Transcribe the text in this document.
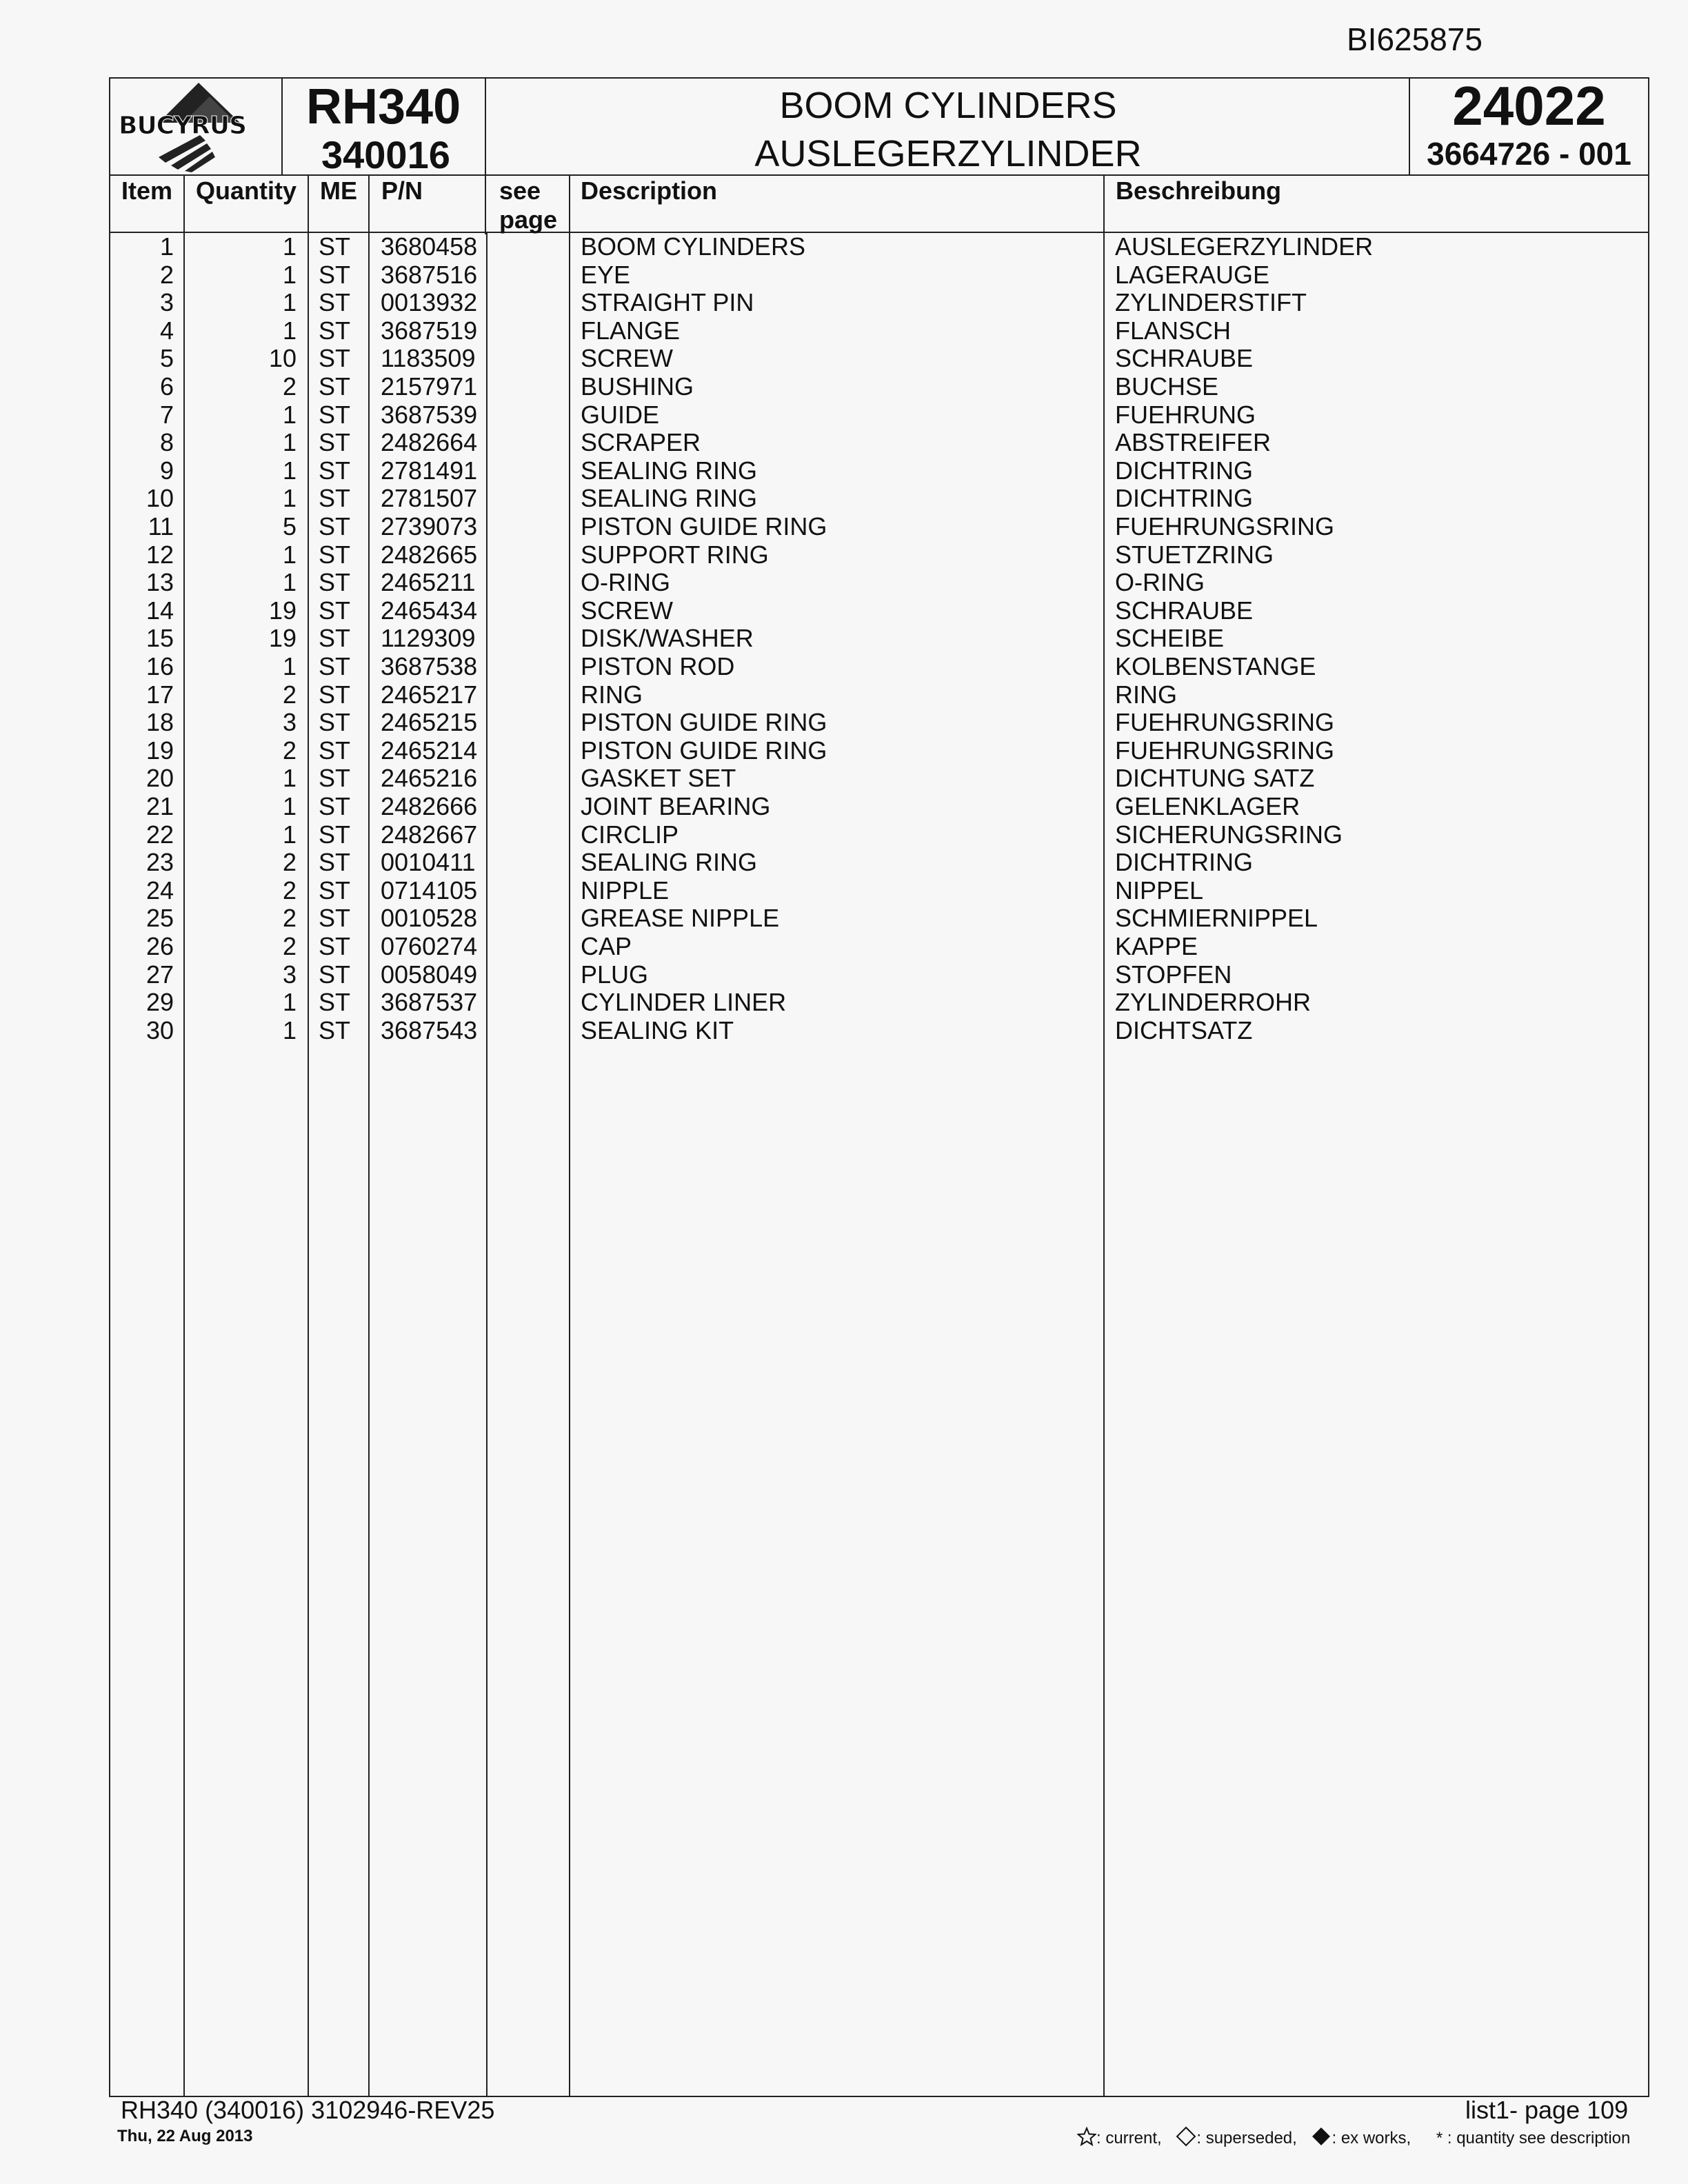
BI625875
BUCYRUS RH340
340016
BOOM CYLINDERS
AUSLEGERZYLINDER
24022
3664726 - 001
Item Quantity ME P/N	see
page
Description	Beschreibung
1	1 ST 3680458	BOOM CYLINDERS	AUSLEGERZYLINDER
2	1 ST 3687516	EYE	LAGERAUGE
3	1 ST 0013932	STRAIGHT PIN	ZYLINDERSTIFT
4	1 ST 3687519	FLANGE	FLANSCH
5	10 ST 1183509	SCREW	SCHRAUBE
6	2 ST 2157971	BUSHING	BUCHSE
7	1 ST 3687539	GUIDE	FUEHRUNG
8	1 ST 2482664	SCRAPER	ABSTREIFER
9	1 ST 2781491	SEALING RING	DICHTRING
10	1 ST 2781507	SEALING RING	DICHTRING
11	5 ST 2739073	PISTON GUIDE RING	FUEHRUNGSRING
12	1 ST 2482665	SUPPORT RING	STUETZRING
13	1 ST 2465211	O-RING	O-RING
14	19 ST 2465434	SCREW	SCHRAUBE
15	19 ST 1129309	DISK/WASHER	SCHEIBE
16	1 ST 3687538	PISTON ROD	KOLBENSTANGE
17	2 ST 2465217	RING	RING
18	3 ST 2465215	PISTON GUIDE RING	FUEHRUNGSRING
19	2 ST 2465214	PISTON GUIDE RING	FUEHRUNGSRING
20	1 ST 2465216	GASKET SET	DICHTUNG SATZ
21	1 ST 2482666	JOINT BEARING	GELENKLAGER
22	1 ST 2482667	CIRCLIP	SICHERUNGSRING
23	2 ST 0010411	SEALING RING	DICHTRING
24	2 ST 0714105	NIPPLE	NIPPEL
25	2 ST 0010528	GREASE NIPPLE	SCHMIERNIPPEL
26	2 ST 0760274	CAP	KAPPE
27	3 ST 0058049	PLUG	STOPFEN
29	1 ST 3687537	CYLINDER LINER	ZYLINDERROHR
30	1 ST 3687543	SEALING KIT	DICHTSATZ
RH340 (340016) 3102946-REV25
Thu, 22 Aug 2013
list1- page 109
: current, : superseded, : ex works, * : quantity see description
